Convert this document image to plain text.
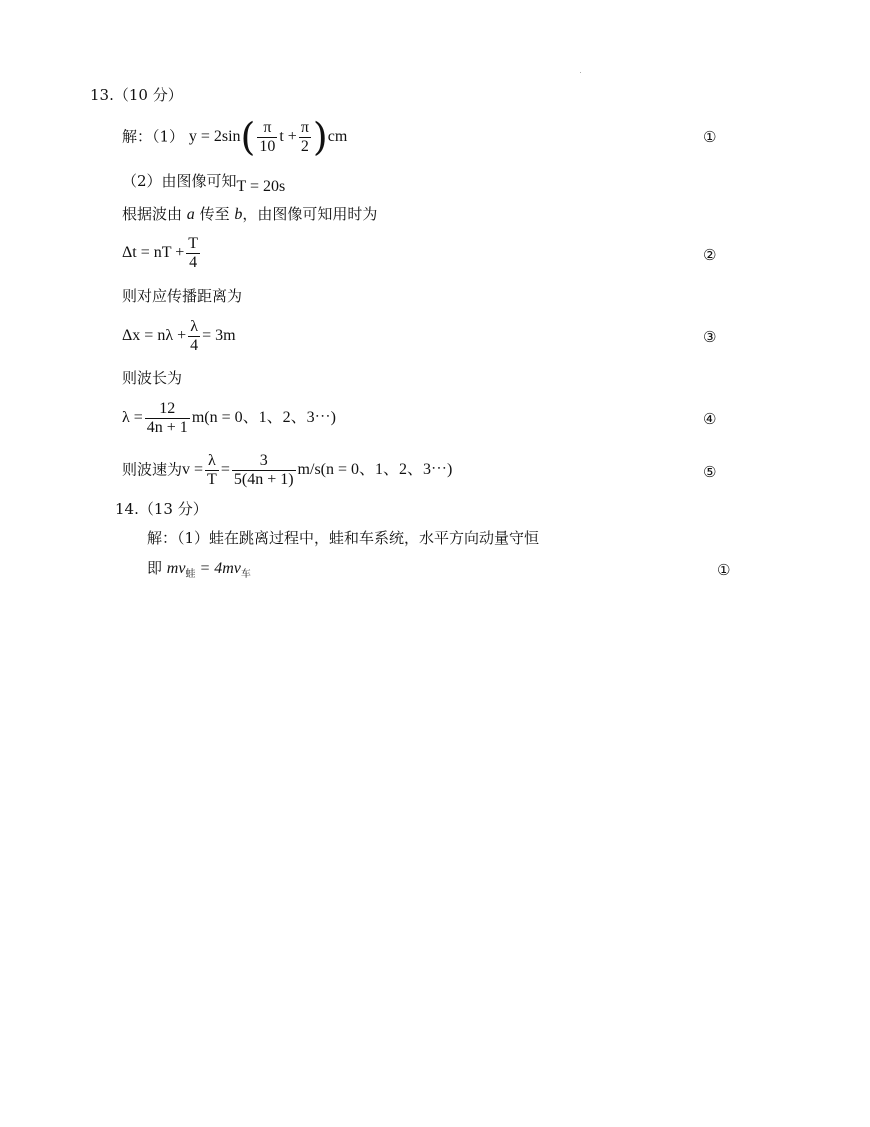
13.（10 分）
解：（1） $y = 2\sin( \frac{\pi}{10}$ $t + \frac{\pi}{2} )cm$	①
（2）由图像可知T = 20s
根据波由 a 传至 b，由图像可知用时为
Δt = nT + $\frac{T}{4}$	②
则对应传播距离为
$\Delta x = n\lambda + \frac{\lambda}{4} = 3m$	③
则波长为
$\lambda = \frac{12}{4n + 1} m(n = 0$、1、2、3⋯)	④
则波速为$v = \frac{\lambda}{T} = \frac{3}{5(4n + 1)} m/s(n = 0$、1、2、3⋯)	⑤
14.（13 分）
解：（1）蛙在跳离过程中，蛙和车系统，水平方向动量守恒
即 $mv_蛙 = 4mv_车$	①
